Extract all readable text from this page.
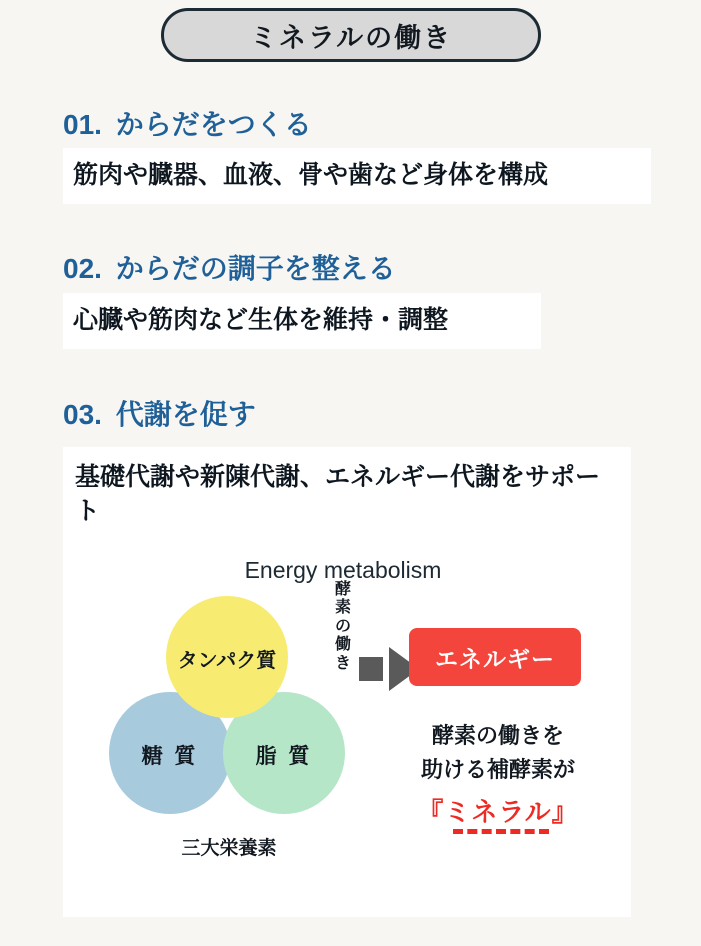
ミネラルの働き
01. からだをつくる
筋肉や臓器、血液、骨や歯など身体を構成
02. からだの調子を整える
心臓や筋肉など生体を維持・調整
03. 代謝を促す
基礎代謝や新陳代謝、エネルギー代謝をサポート
Energy metabolism
糖 質	脂 質
タンパク質
三大栄養素
酵
素
の
働
き	エネルギー
酵素の働きを
助ける補酵素が
『ミネラル』
